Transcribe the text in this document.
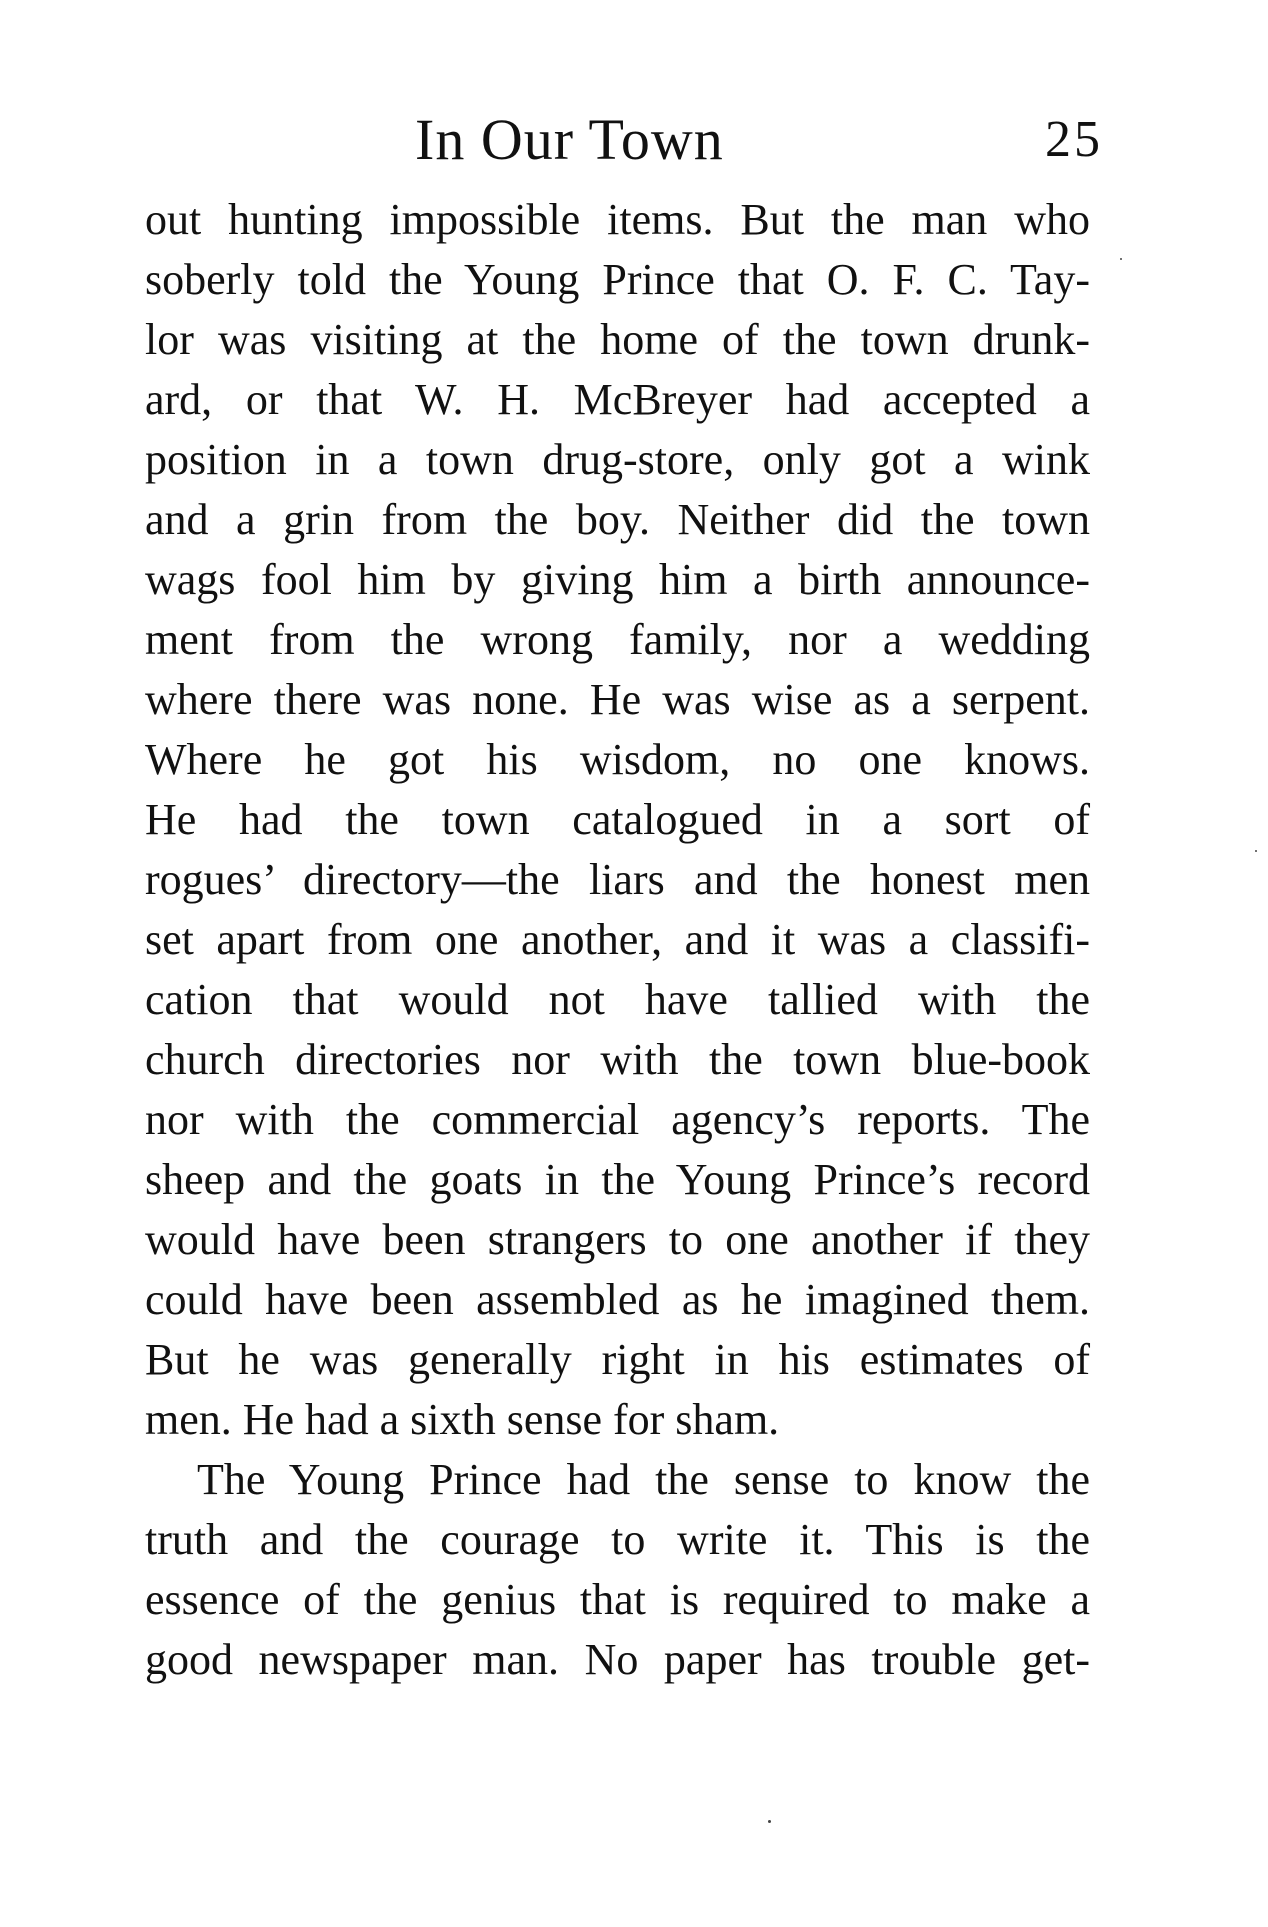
In Our Town	25
out hunting impossible items. But the man who
soberly told the Young Prince that O. F. C. Tay-
lor was visiting at the home of the town drunk-
ard, or that W. H. McBreyer had accepted a
position in a town drug-store, only got a wink
and a grin from the boy. Neither did the town
wags fool him by giving him a birth announce-
ment from the wrong family, nor a wedding
where there was none. He was wise as a serpent.
Where he got his wisdom, no one knows.
He had the town catalogued in a sort of
rogues’ directory—the liars and the honest men
set apart from one another, and it was a classifi-
cation that would not have tallied with the
church directories nor with the town blue-book
nor with the commercial agency’s reports. The
sheep and the goats in the Young Prince’s record
would have been strangers to one another if they
could have been assembled as he imagined them.
But he was generally right in his estimates of
men. He had a sixth sense for sham.
The Young Prince had the sense to know the
truth and the courage to write it. This is the
essence of the genius that is required to make a
good newspaper man. No paper has trouble get-
